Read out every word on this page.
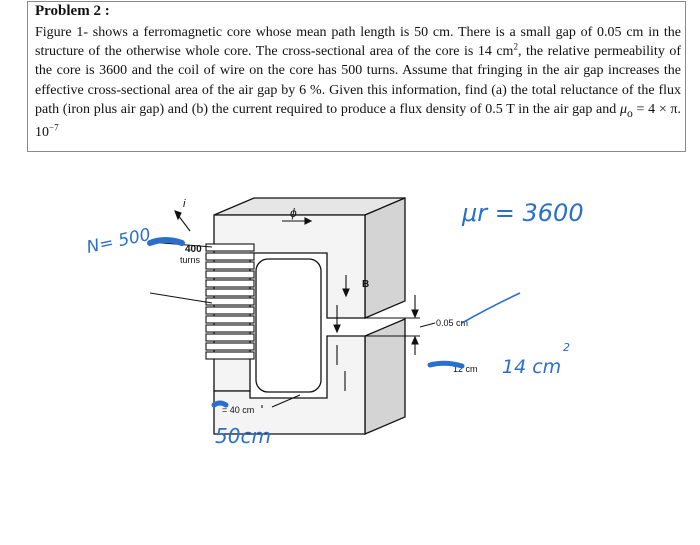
Problem 2 :

Figure 1- shows a ferromagnetic core whose mean path length is 50 cm. There is a small gap of 0.05 cm in the structure of the otherwise whole core. The cross-sectional area of the core is 14 $cm^2$, the relative permeability of the core is 3600 and the coil of wire on the core has 500 turns. Assume that fringing in the air gap increases the effective cross-sectional area of the air gap by 6 %. Given this information, find (a) the total reluctance of the flux path (iron plus air gap) and (b) the current required to produce a flux density of 0.5 T in the air gap and $\mu_o = 4 \times \pi$. $10^{-7}$

i
ϕ
B
400
turns
0.05 cm
12 cm
= 40 cm
N= 500
μr = 3600
14 cm
2
50cm
